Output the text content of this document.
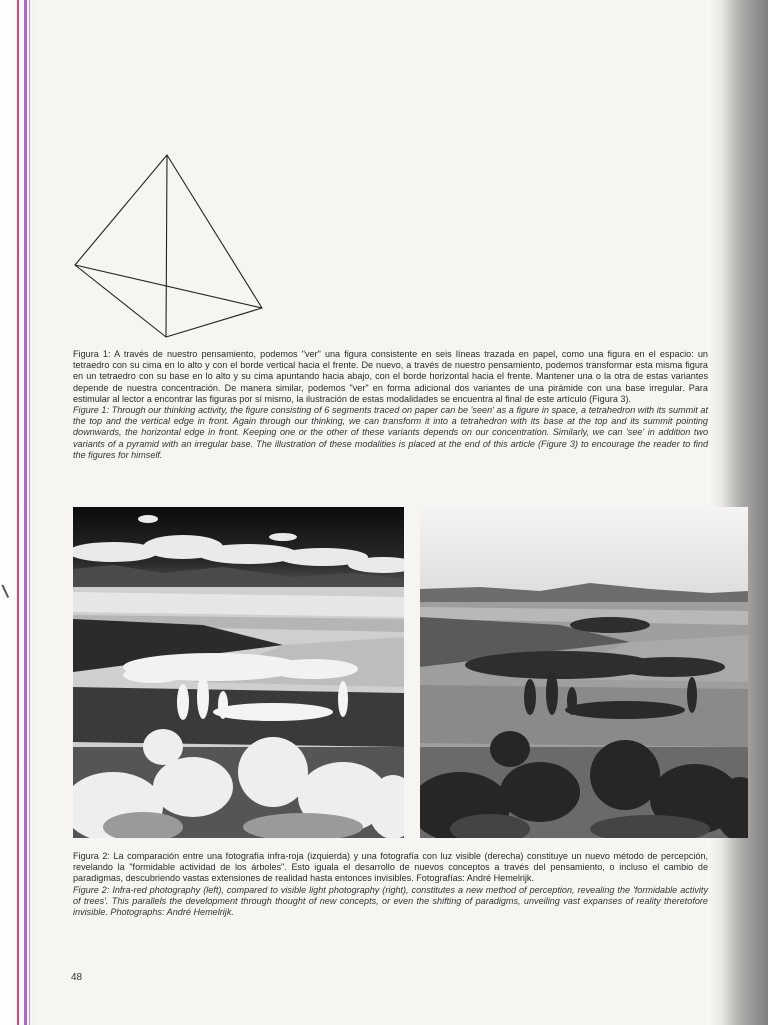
Figura 1: A través de nuestro pensamiento, podemos "ver" una figura consistente en seis líneas trazada en papel, como una figura en el espacio: un tetraedro con su cima en lo alto y con el borde vertical hacia el frente. De nuevo, a través de nuestro pensamiento, podemos transformar esta misma figura en un tetraedro con su base en lo alto y su cima apuntando hacia abajo, con el borde horizontal hacia el frente. Mantener una o la otra de estas variantes depende de nuestra concentración. De manera similar, podemos "ver" en forma adicional dos variantes de una pirámide con una base irregular. Para estimular al lector a encontrar las figuras por sí mismo, la ilustración de estas modalidades se encuentra al final de este artículo (Figura 3).

Figure 1: Through our thinking activity, the figure consisting of 6 segments traced on paper can be 'seen' as a figure in space, a tetrahedron with its summit at the top and the vertical edge in front. Again through our thinking, we can transform it into a tetrahedron with its base at the top and its summit pointing downwards, the horizontal edge in front. Keeping one or the other of these variants depends on our concentration. Similarly, we can 'see' in addition two variants of a pyramid with an irregular base. The illustration of these modalities is placed at the end of this article (Figure 3) to encourage the reader to find the figures for himself.

Figura 2: La comparación entre una fotografía infra-roja (izquierda) y una fotografía con luz visible (derecha) constituye un nuevo método de percepción, revelando la "formidable actividad de los árboles". Esto iguala el desarrollo de nuevos conceptos a través del pensamiento, o incluso el cambio de paradigmas, descubriendo vastas extensiones de realidad hasta entonces invisibles. Fotografías: André Hemelrijk.

Figure 2: Infra-red photography (left), compared to visible light photography (right), constitutes a new method of perception, revealing the 'formidable activity of trees'. This parallels the development through thought of new concepts, or even the shifting of paradigms, unveiling vast expanses of reality theretofore invisible. Photographs: André Hemelrijk.

48
